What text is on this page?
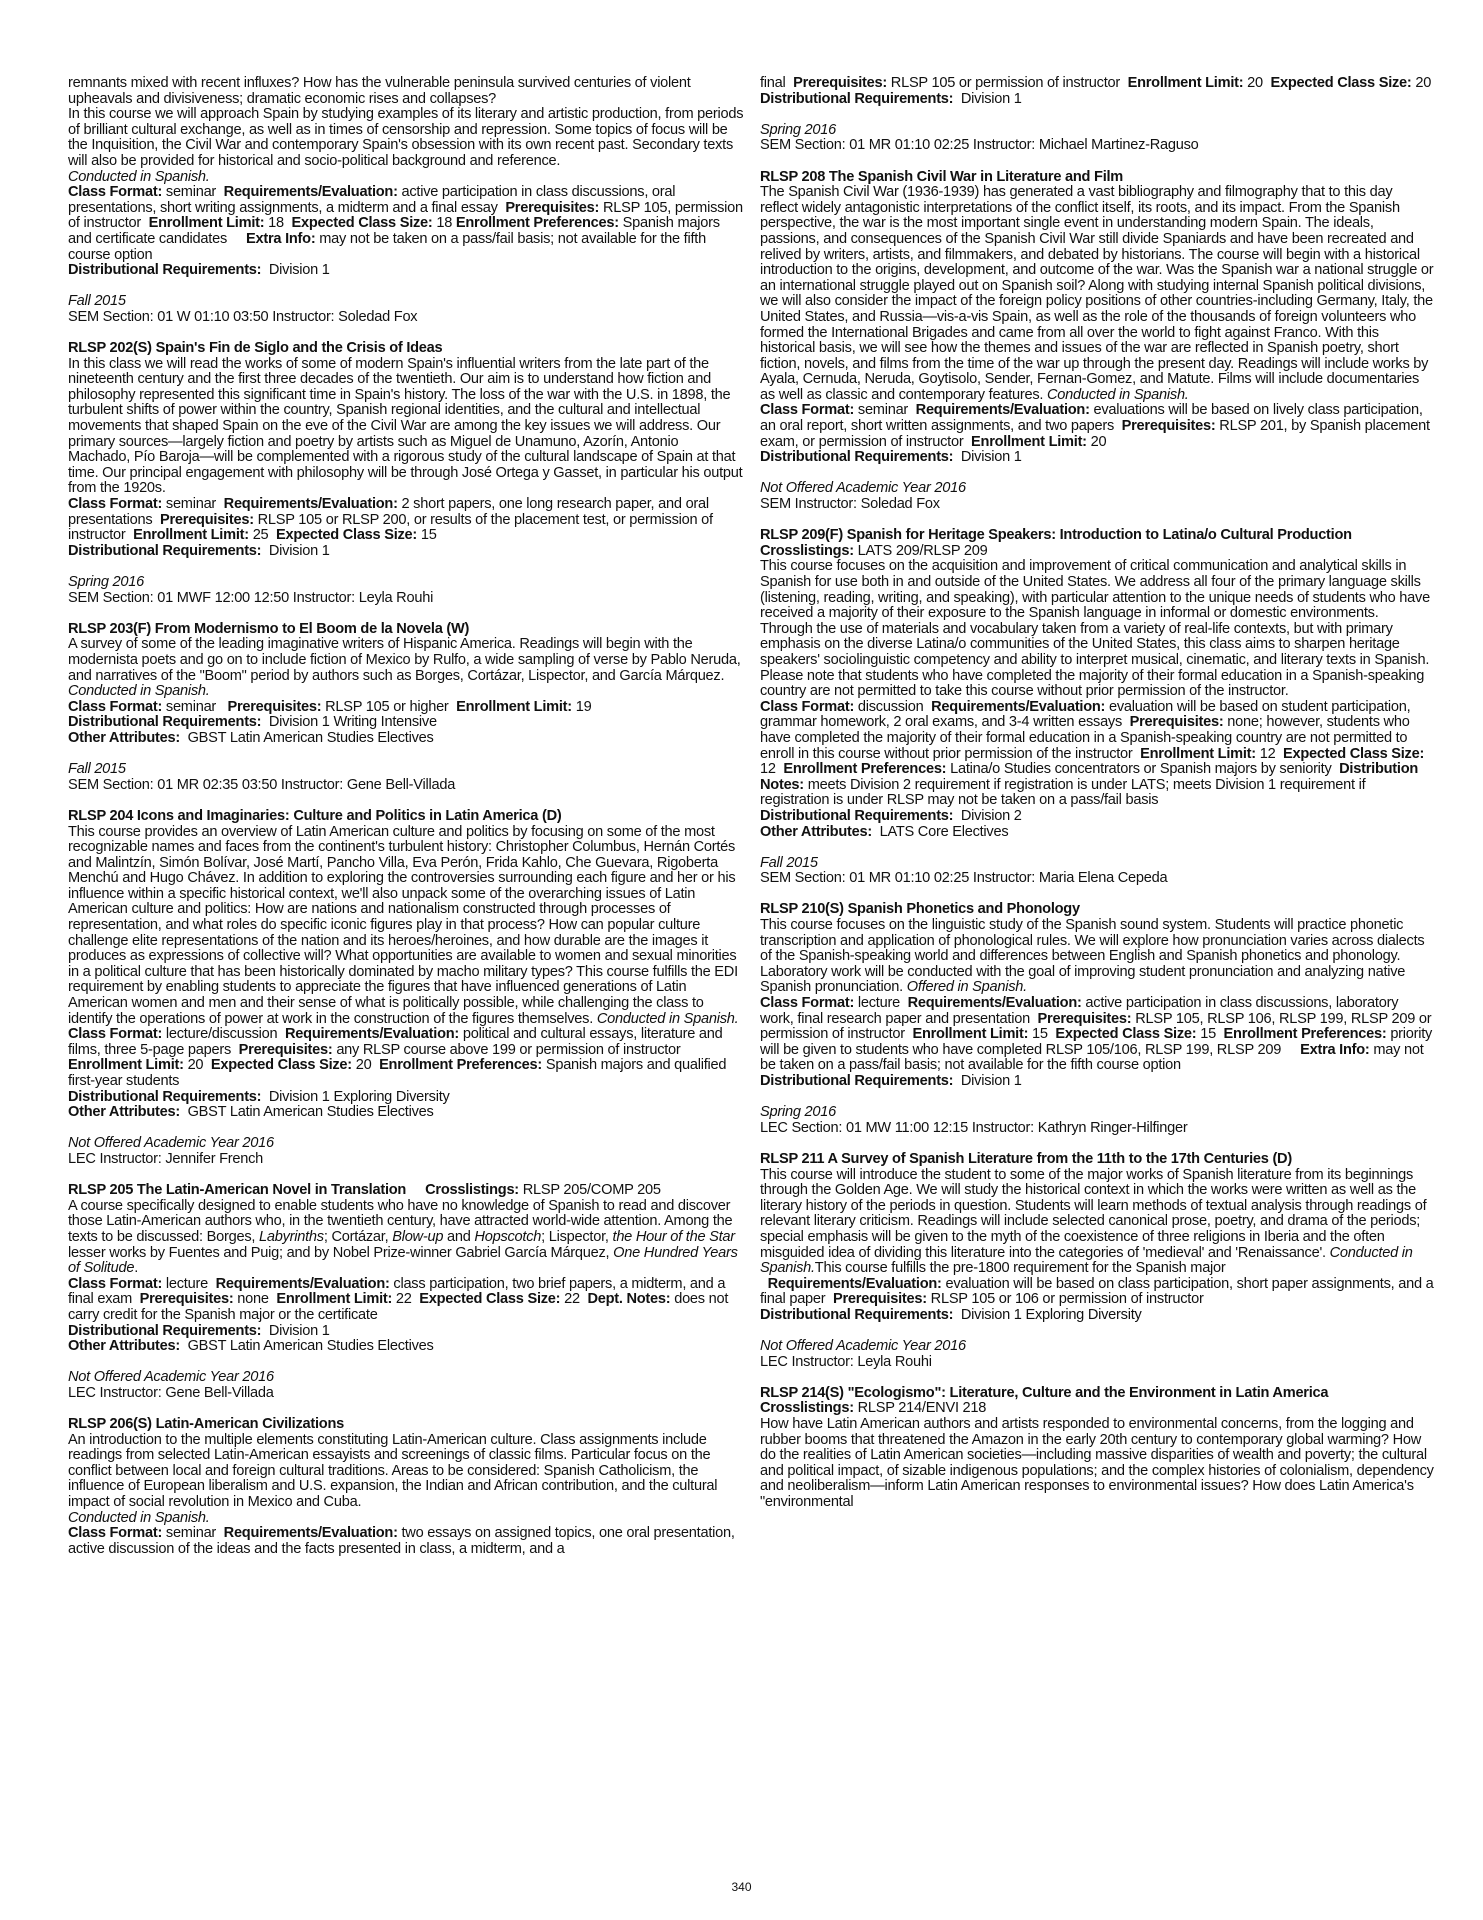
remnants mixed with recent influxes? How has the vulnerable peninsula survived centuries of violent upheavals and divisiveness; dramatic economic rises and collapses?

In this course we will approach Spain by studying examples of its literary and artistic production, from periods of brilliant cultural exchange, as well as in times of censorship and repression. Some topics of focus will be the Inquisition, the Civil War and contemporary Spain's obsession with its own recent past. Secondary texts will also be provided for historical and socio-political background and reference.

Conducted in Spanish.

Class Format: seminar Requirements/Evaluation: active participation in class discussions, oral presentations, short writing assignments, a midterm and a final essay Prerequisites: RLSP 105, permission of instructor Enrollment Limit: 18 Expected Class Size: 18 Enrollment Preferences: Spanish majors and certificate candidates Extra Info: may not be taken on a pass/fail basis; not available for the fifth course option

Distributional Requirements: Division 1

Fall 2015

SEM Section: 01 W 01:10 03:50 Instructor: Soledad Fox

RLSP 202(S) Spain's Fin de Siglo and the Crisis of Ideas

In this class we will read the works of some of modern Spain's influential writers from the late part of the nineteenth century and the first three decades of the twentieth. Our aim is to understand how fiction and philosophy represented this significant time in Spain's history. The loss of the war with the U.S. in 1898, the turbulent shifts of power within the country, Spanish regional identities, and the cultural and intellectual movements that shaped Spain on the eve of the Civil War are among the key issues we will address. Our primary sources—largely fiction and poetry by artists such as Miguel de Unamuno, Azorín, Antonio Machado, Pío Baroja—will be complemented with a rigorous study of the cultural landscape of Spain at that time. Our principal engagement with philosophy will be through José Ortega y Gasset, in particular his output from the 1920s.

Class Format: seminar Requirements/Evaluation: 2 short papers, one long research paper, and oral presentations Prerequisites: RLSP 105 or RLSP 200, or results of the placement test, or permission of instructor Enrollment Limit: 25 Expected Class Size: 15

Distributional Requirements: Division 1

Spring 2016

SEM Section: 01 MWF 12:00 12:50 Instructor: Leyla Rouhi

RLSP 203(F) From Modernismo to El Boom de la Novela (W)

A survey of some of the leading imaginative writers of Hispanic America. Readings will begin with the modernista poets and go on to include fiction of Mexico by Rulfo, a wide sampling of verse by Pablo Neruda, and narratives of the "Boom" period by authors such as Borges, Cortázar, Lispector, and García Márquez. Conducted in Spanish.

Class Format: seminar Prerequisites: RLSP 105 or higher Enrollment Limit: 19

Distributional Requirements: Division 1 Writing Intensive

Other Attributes: GBST Latin American Studies Electives

Fall 2015

SEM Section: 01 MR 02:35 03:50 Instructor: Gene Bell-Villada

RLSP 204 Icons and Imaginaries: Culture and Politics in Latin America (D)

This course provides an overview of Latin American culture and politics by focusing on some of the most recognizable names and faces from the continent's turbulent history: Christopher Columbus, Hernán Cortés and Malintzín, Simón Bolívar, José Martí, Pancho Villa, Eva Perón, Frida Kahlo, Che Guevara, Rigoberta Menchú and Hugo Chávez. In addition to exploring the controversies surrounding each figure and her or his influence within a specific historical context, we'll also unpack some of the overarching issues of Latin American culture and politics: How are nations and nationalism constructed through processes of representation, and what roles do specific iconic figures play in that process? How can popular culture challenge elite representations of the nation and its heroes/heroines, and how durable are the images it produces as expressions of collective will? What opportunities are available to women and sexual minorities in a political culture that has been historically dominated by macho military types? This course fulfills the EDI requirement by enabling students to appreciate the figures that have influenced generations of Latin American women and men and their sense of what is politically possible, while challenging the class to identify the operations of power at work in the construction of the figures themselves. Conducted in Spanish.

Class Format: lecture/discussion Requirements/Evaluation: political and cultural essays, literature and films, three 5-page papers Prerequisites: any RLSP course above 199 or permission of instructor  Enrollment Limit: 20 Expected Class Size: 20 Enrollment Preferences: Spanish majors and qualified first-year students

Distributional Requirements: Division 1 Exploring Diversity

Other Attributes: GBST Latin American Studies Electives

Not Offered Academic Year 2016

LEC Instructor: Jennifer French

RLSP 205 The Latin-American Novel in Translation Crosslistings: RLSP 205/COMP 205

A course specifically designed to enable students who have no knowledge of Spanish to read and discover those Latin-American authors who, in the twentieth century, have attracted world-wide attention. Among the texts to be discussed: Borges, Labyrinths; Cortázar, Blow-up and Hopscotch; Lispector, the Hour of the Star lesser works by Fuentes and Puig; and by Nobel Prize-winner Gabriel García Márquez, One Hundred Years of Solitude.

Class Format: lecture Requirements/Evaluation: class participation, two brief papers, a midterm, and a final exam Prerequisites: none Enrollment Limit: 22 Expected Class Size: 22 Dept. Notes: does not carry credit for the Spanish major or the certificate

Distributional Requirements: Division 1

Other Attributes: GBST Latin American Studies Electives

Not Offered Academic Year 2016

LEC Instructor: Gene Bell-Villada

RLSP 206(S) Latin-American Civilizations

An introduction to the multiple elements constituting Latin-American culture. Class assignments include readings from selected Latin-American essayists and screenings of classic films. Particular focus on the conflict between local and foreign cultural traditions. Areas to be considered: Spanish Catholicism, the influence of European liberalism and U.S. expansion, the Indian and African contribution, and the cultural impact of social revolution in Mexico and Cuba.

Conducted in Spanish.

Class Format: seminar Requirements/Evaluation: two essays on assigned topics, one oral presentation, active discussion of the ideas and the facts presented in class, a midterm, and a

final Prerequisites: RLSP 105 or permission of instructor Enrollment Limit: 20 Expected Class Size: 20

Distributional Requirements: Division 1

Spring 2016

SEM Section: 01 MR 01:10 02:25 Instructor: Michael Martinez-Raguso

RLSP 208 The Spanish Civil War in Literature and Film

The Spanish Civil War (1936-1939) has generated a vast bibliography and filmography that to this day reflect widely antagonistic interpretations of the conflict itself, its roots, and its impact. From the Spanish perspective, the war is the most important single event in understanding modern Spain. The ideals, passions, and consequences of the Spanish Civil War still divide Spaniards and have been recreated and relived by writers, artists, and filmmakers, and debated by historians. The course will begin with a historical introduction to the origins, development, and outcome of the war. Was the Spanish war a national struggle or an international struggle played out on Spanish soil? Along with studying internal Spanish political divisions, we will also consider the impact of the foreign policy positions of other countries-including Germany, Italy, the United States, and Russia—vis-a-vis Spain, as well as the role of the thousands of foreign volunteers who formed the International Brigades and came from all over the world to fight against Franco. With this historical basis, we will see how the themes and issues of the war are reflected in Spanish poetry, short fiction, novels, and films from the time of the war up through the present day. Readings will include works by Ayala, Cernuda, Neruda, Goytisolo, Sender, Fernan-Gomez, and Matute. Films will include documentaries as well as classic and contemporary features. Conducted in Spanish.

Class Format: seminar Requirements/Evaluation: evaluations will be based on lively class participation, an oral report, short written assignments, and two papers Prerequisites: RLSP 201, by Spanish placement exam, or permission of instructor Enrollment Limit: 20

Distributional Requirements: Division 1

Not Offered Academic Year 2016

SEM Instructor: Soledad Fox

RLSP 209(F) Spanish for Heritage Speakers: Introduction to Latina/o Cultural Production

Crosslistings: LATS 209/RLSP 209

This course focuses on the acquisition and improvement of critical communication and analytical skills in Spanish for use both in and outside of the United States. We address all four of the primary language skills (listening, reading, writing, and speaking), with particular attention to the unique needs of students who have received a majority of their exposure to the Spanish language in informal or domestic environments. Through the use of materials and vocabulary taken from a variety of real-life contexts, but with primary emphasis on the diverse Latina/o communities of the United States, this class aims to sharpen heritage speakers' sociolinguistic competency and ability to interpret musical, cinematic, and literary texts in Spanish. Please note that students who have completed the majority of their formal education in a Spanish-speaking country are not permitted to take this course without prior permission of the instructor.

Class Format: discussion Requirements/Evaluation: evaluation will be based on student participation, grammar homework, 2 oral exams, and 3-4 written essays Prerequisites: none; however, students who have completed the majority of their formal education in a Spanish-speaking country are not permitted to enroll in this course without prior permission of the instructor Enrollment Limit: 12 Expected Class Size: 12 Enrollment Preferences: Latina/o Studies concentrators or Spanish majors by seniority Distribution Notes: meets Division 2 requirement if registration is under LATS; meets Division 1 requirement if registration is under RLSP may not be taken on a pass/fail basis

Distributional Requirements: Division 2

Other Attributes: LATS Core Electives

Fall 2015

SEM Section: 01 MR 01:10 02:25 Instructor: Maria Elena Cepeda

RLSP 210(S) Spanish Phonetics and Phonology

This course focuses on the linguistic study of the Spanish sound system. Students will practice phonetic transcription and application of phonological rules. We will explore how pronunciation varies across dialects of the Spanish-speaking world and differences between English and Spanish phonetics and phonology. Laboratory work will be conducted with the goal of improving student pronunciation and analyzing native Spanish pronunciation. Offered in Spanish.

Class Format: lecture Requirements/Evaluation: active participation in class discussions, laboratory work, final research paper and presentation Prerequisites: RLSP 105, RLSP 106, RLSP 199, RLSP 209 or permission of instructor Enrollment Limit: 15 Expected Class Size: 15 Enrollment Preferences: priority will be given to students who have completed RLSP 105/106, RLSP 199, RLSP 209 Extra Info: may not be taken on a pass/fail basis; not available for the fifth course option

Distributional Requirements: Division 1

Spring 2016

LEC Section: 01 MW 11:00 12:15 Instructor: Kathryn Ringer-Hilfinger

RLSP 211 A Survey of Spanish Literature from the 11th to the 17th Centuries (D)

This course will introduce the student to some of the major works of Spanish literature from its beginnings through the Golden Age. We will study the historical context in which the works were written as well as the literary history of the periods in question. Students will learn methods of textual analysis through readings of relevant literary criticism. Readings will include selected canonical prose, poetry, and drama of the periods; special emphasis will be given to the myth of the coexistence of three religions in Iberia and the often misguided idea of dividing this literature into the categories of 'medieval' and 'Renaissance'. Conducted in Spanish.This course fulfills the pre-1800 requirement for the Spanish major

Requirements/Evaluation: evaluation will be based on class participation, short paper assignments, and a final paper Prerequisites: RLSP 105 or 106 or permission of instructor

Distributional Requirements: Division 1 Exploring Diversity

Not Offered Academic Year 2016

LEC Instructor: Leyla Rouhi

RLSP 214(S) "Ecologismo": Literature, Culture and the Environment in Latin America

Crosslistings: RLSP 214/ENVI 218

How have Latin American authors and artists responded to environmental concerns, from the logging and rubber booms that threatened the Amazon in the early 20th century to contemporary global warming? How do the realities of Latin American societies—including massive disparities of wealth and poverty; the cultural and political impact, of sizable indigenous populations; and the complex histories of colonialism, dependency and neoliberalism—inform Latin American responses to environmental issues? How does Latin America's "environmental

340
